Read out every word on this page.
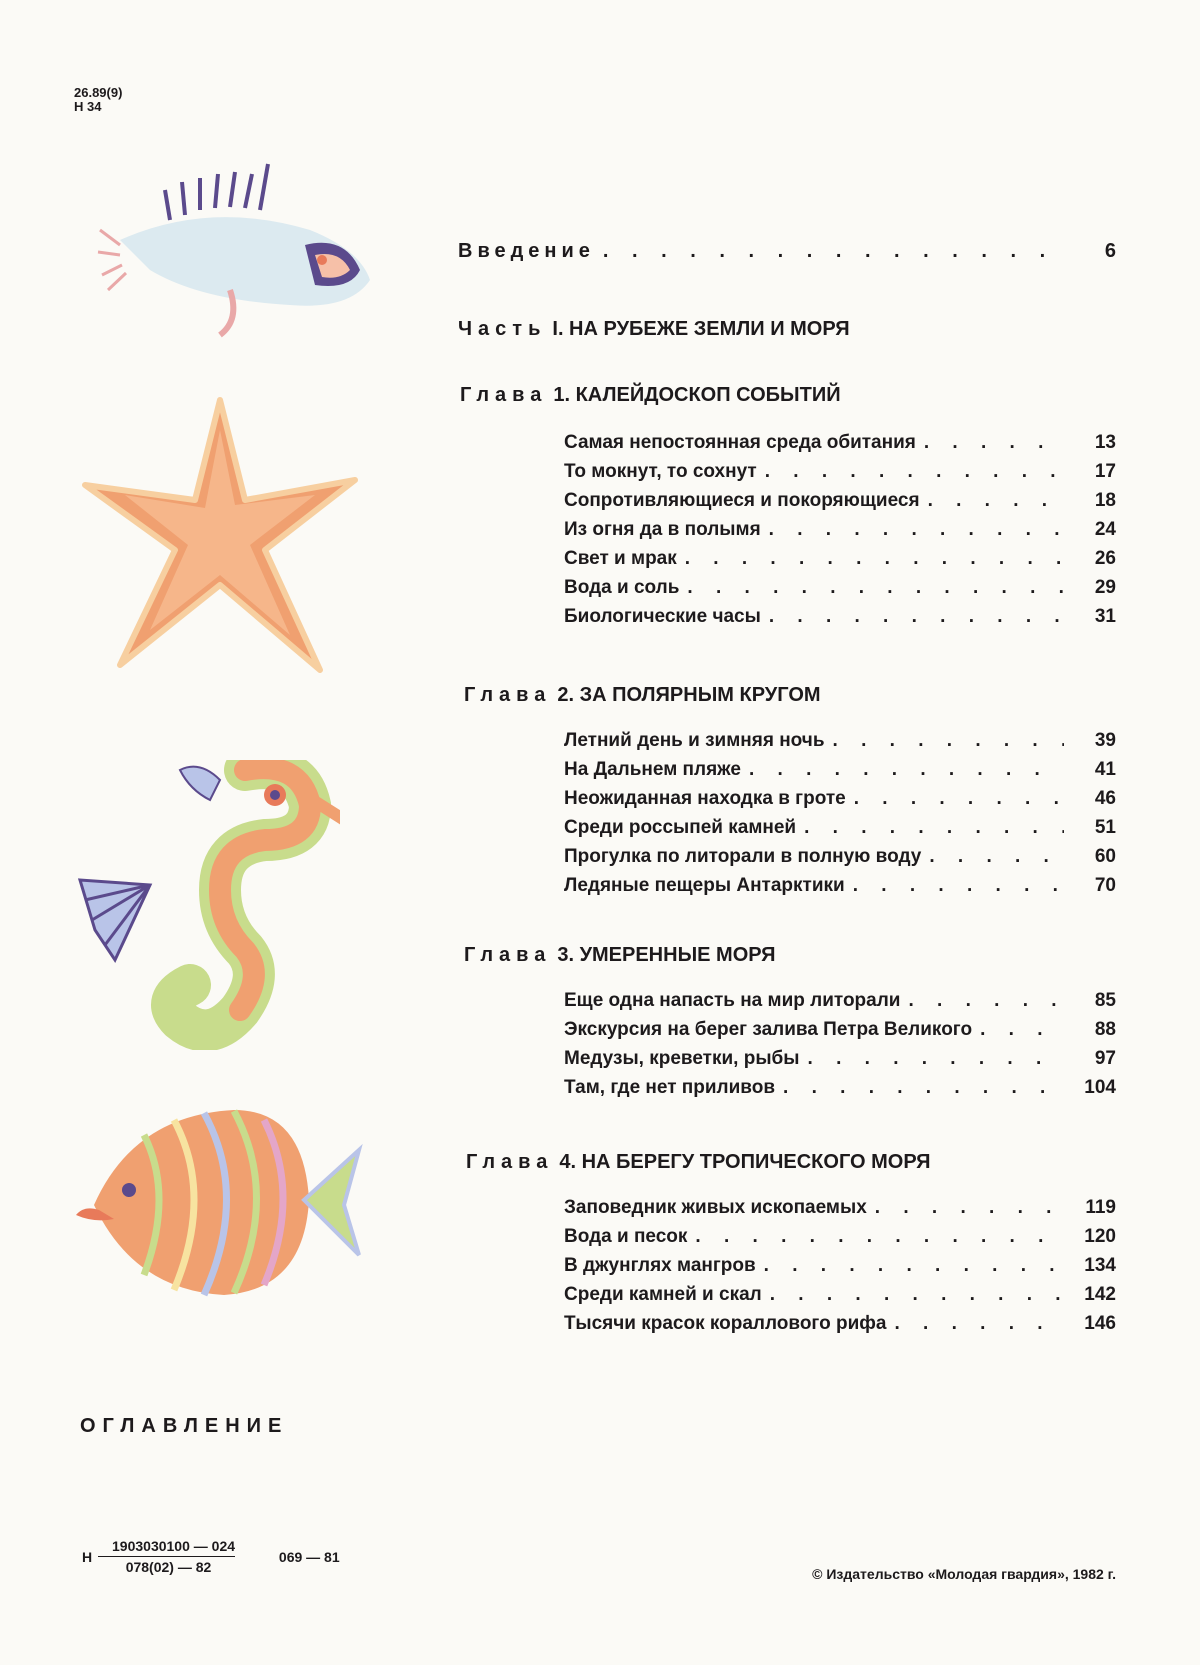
26.89(9)
Н 34
Введение . . .	6
Часть I. НА РУБЕЖЕ ЗЕМЛИ И МОРЯ
Глава 1. КАЛЕЙДОСКОП СОБЫТИЙ
Самая непостоянная среда обитания . . .	13
То мокнут, то сохнут . . .	17
Сопротивляющиеся и покоряющиеся . . .	18
Из огня да в полымя . . .	24
Свет и мрак . . .	26
Вода и соль . . .	29
Биологические часы . . .	31
Глава 2. ЗА ПОЛЯРНЫМ КРУГОМ
Летний день и зимняя ночь . . .	39
На Дальнем пляже . . .	41
Неожиданная находка в гроте . . .	46
Среди россыпей камней . . .	51
Прогулка по литорали в полную воду . . .	60
Ледяные пещеры Антарктики . . .	70
Глава 3. УМЕРЕННЫЕ МОРЯ
Еще одна напасть на мир литорали . . .	85
Экскурсия на берег залива Петра Великого . . .	88
Медузы, креветки, рыбы . . .	97
Там, где нет приливов . . .	104
Глава 4. НА БЕРЕГУ ТРОПИЧЕСКОГО МОРЯ
Заповедник живых ископаемых . . .	119
Вода и песок . . .	120
В джунглях мангров . . .	134
Среди камней и скал . . .	142
Тысячи красок кораллового рифа . . .	146
ОГЛАВЛЕНИЕ
Н $\frac{1903030100 — 024}{078(02) — 82}$	069 — 81
© Издательство «Молодая гвардия», 1982 г.
